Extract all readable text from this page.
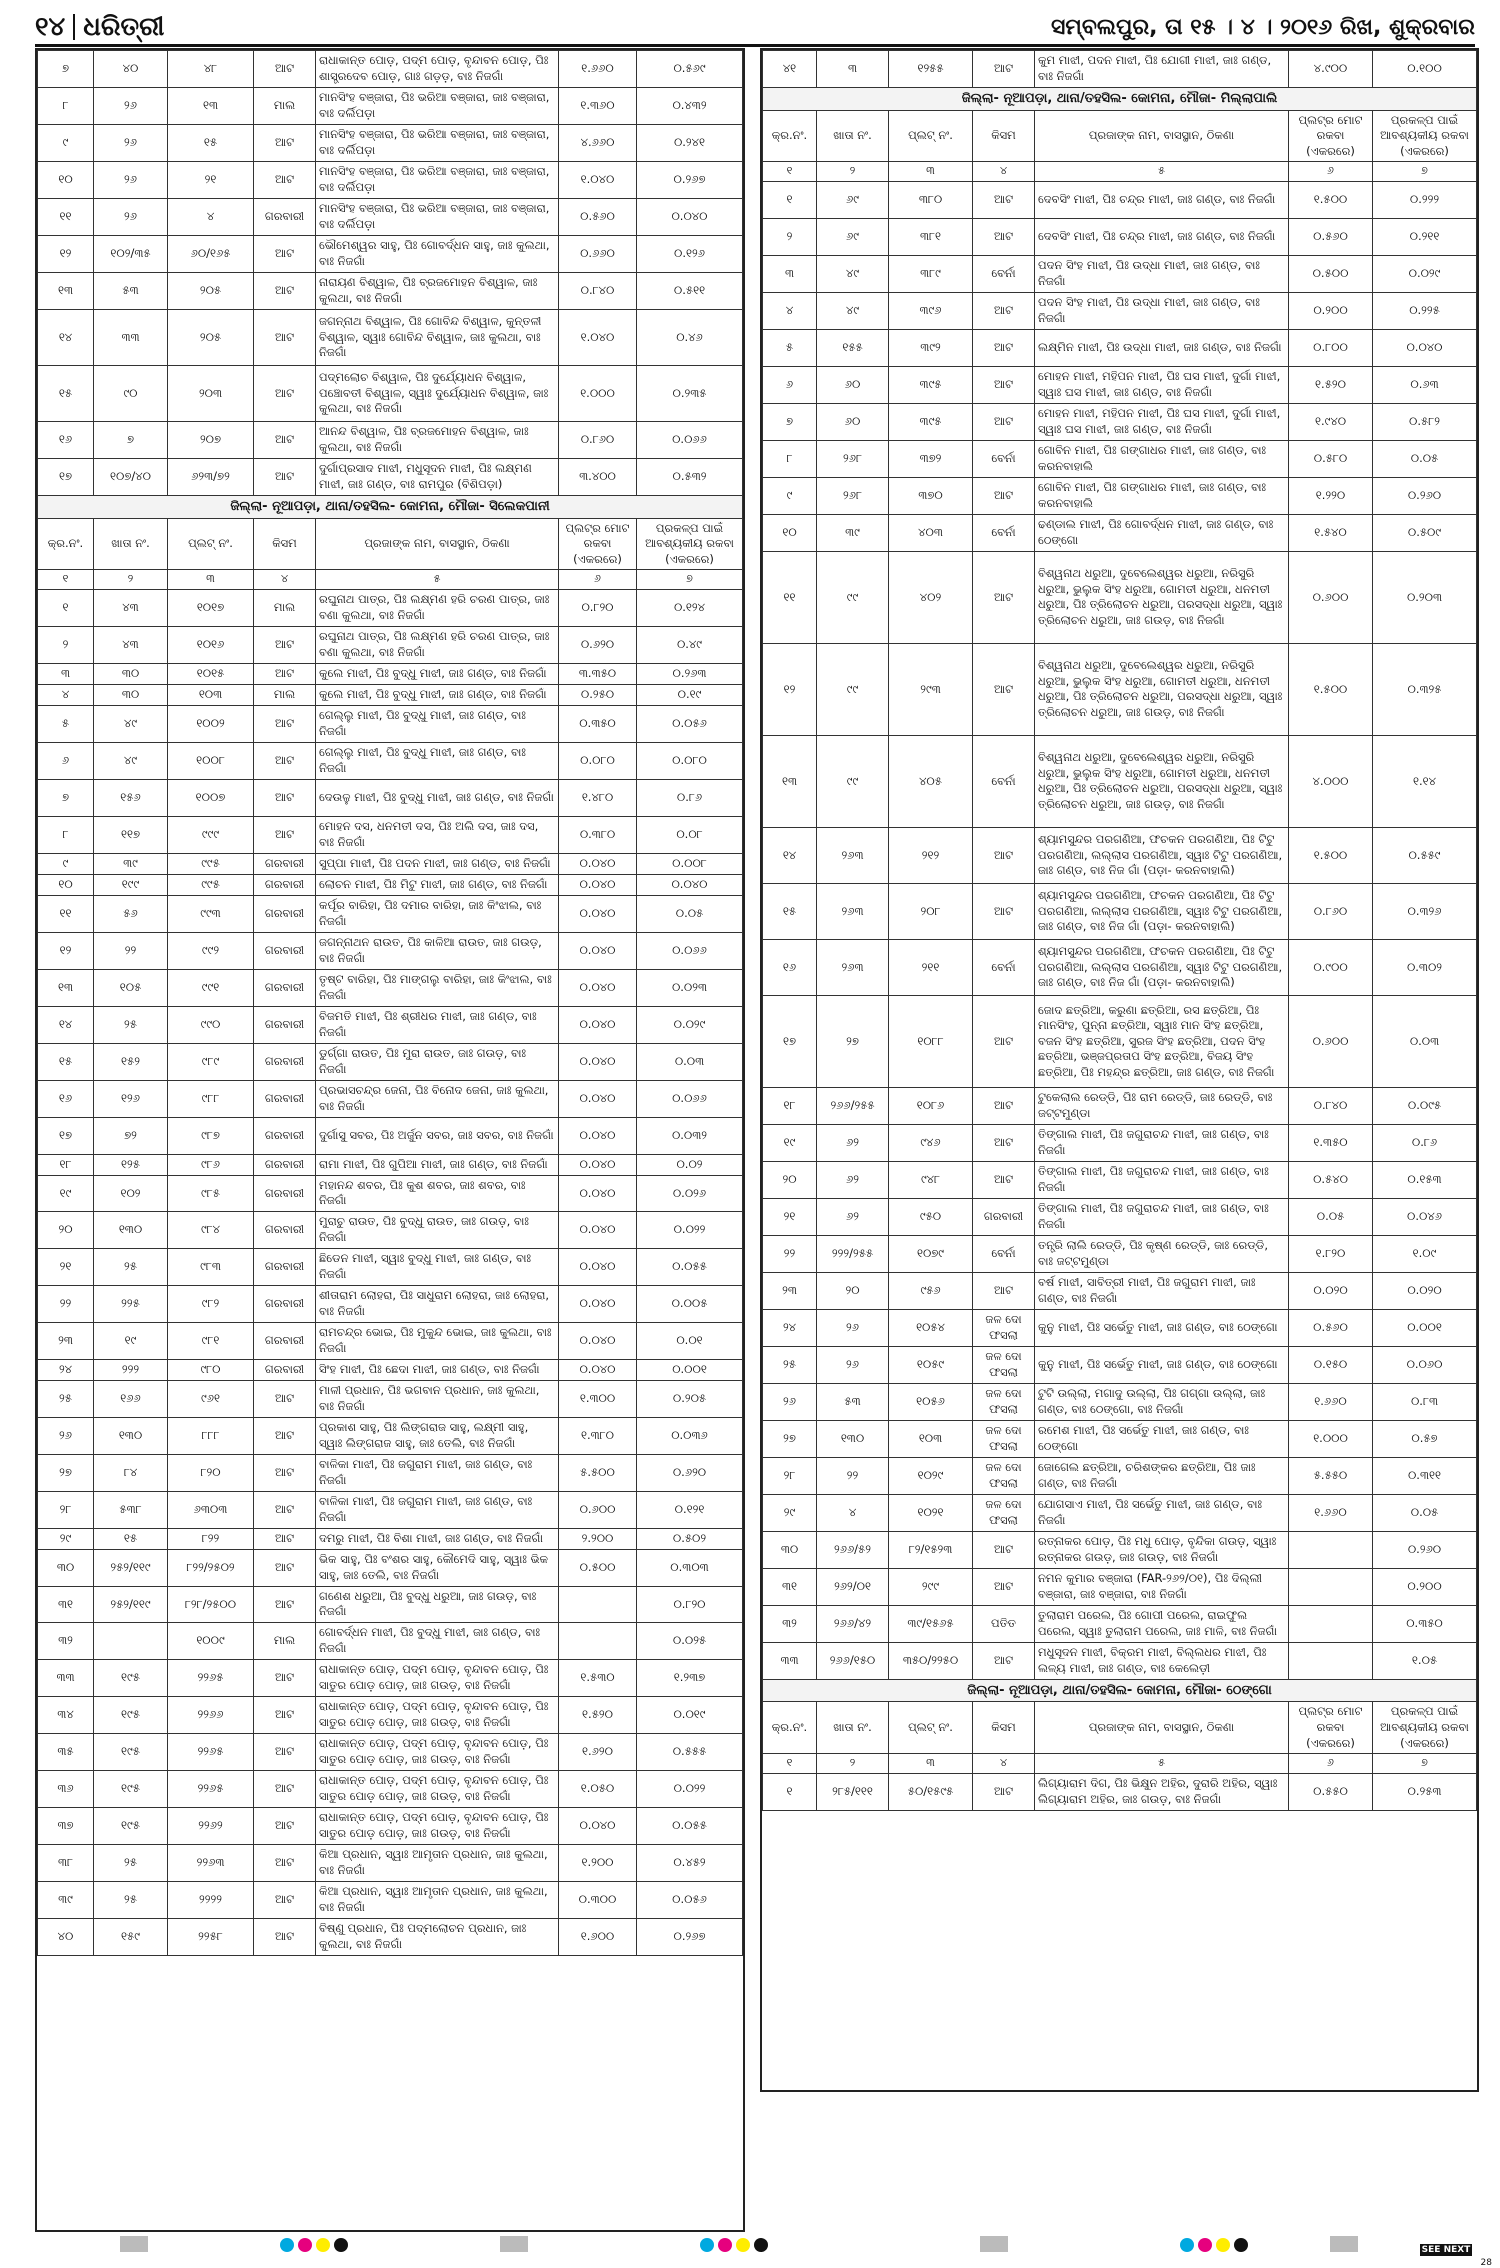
୧୪ ଧରିତ୍ରୀ	ସମ୍ବଲପୁର, ତା ୧୫ । ୪ । ୨୦୧୬ ରିଖ, ଶୁକ୍ରବାର
୭	୪୦	୪୮	ଆଟ	ରାଧାକାନ୍ତ ପୋଡ଼, ପଦ୍ମ ପୋଡ଼, ବୃନ୍ଦାବନ ପୋଡ଼, ପିଃ ଶାସ୍ତ୍ରଦେବ ପୋଡ଼, ଗାଃ ଗଡ଼ଡ଼, ବାଃ ନିଜଗାଁ	୧.୬୬୦	୦.୫୬୯
୮	୨୬	୧୩	ମାଲ	ମାନସିଂହ ବଞ୍ଜାରା, ପିଃ ଭରିଆ ବଞ୍ଜାରା, ଜାଃ ବଞ୍ଜାରା, ବାଃ ଦର୍ଲିପଡ଼ା	୧.୩୬୦	୦.୪୩୨
୯	୨୬	୧୫	ଆଟ	ମାନସିଂହ ବଞ୍ଜାରା, ପିଃ ଭରିଆ ବଞ୍ଜାରା, ଜାଃ ବଞ୍ଜାରା, ବାଃ ଦର୍ଲିପଡ଼ା	୪.୬୬୦	୦.୨୪୧
୧୦	୨୬	୨୧	ଆଟ	ମାନସିଂହ ବଞ୍ଜାରା, ପିଃ ଭରିଆ ବଞ୍ଜାରା, ଜାଃ ବଞ୍ଜାରା, ବାଃ ଦର୍ଲିପଡ଼ା	୧.୦୪୦	୦.୨୬୭
୧୧	୨୬	୪	ଗରବାରୀ	ମାନସିଂହ ବଞ୍ଜାରା, ପିଃ ଭରିଆ ବଞ୍ଜାରା, ଜାଃ ବଞ୍ଜାରା, ବାଃ ଦର୍ଲିପଡ଼ା	୦.୫୬୦	୦.୦୪୦
୧୨	୧୦୨/୩୫	୬୦/୧୬୫	ଆଟ	ଭୌମେଶ୍ୱର ସାହୁ, ପିଃ ଗୋବର୍ଦ୍ଧନ ସାହୁ, ଜାଃ କୁଲଥା, ବାଃ ନିଜଗାଁ	୦.୬୬୦	୦.୧୨୬
୧୩	୫୩	୨୦୫	ଆଟ	ନାରାୟଣ ବିଶ୍ୱାଳ, ପିଃ ବ୍ରଜମୋହନ ବିଶ୍ୱାଳ, ଜାଃ କୁଲଥା, ବାଃ ନିଜଗାଁ	୦.୮୪୦	୦.୫୧୧
୧୪	୩୩	୨୦୫	ଆଟ	ଜଗନ୍ନାଥ ବିଶ୍ୱାଳ, ପିଃ ଗୋବିନ୍ଦ ବିଶ୍ୱାଳ, କୁନ୍ତଳୀ ବିଶ୍ୱାଳ, ସ୍ୱାଃ ଗୋବିନ୍ଦ ବିଶ୍ୱାଳ, ଜାଃ କୁଲଥା, ବାଃ ନିଜଗାଁ	୧.୦୪୦	୦.୪୬
୧୫	୯୦	୨୦୩	ଆଟ	ପଦ୍ମଲୋଚ ବିଶ୍ୱାଳ, ପିଃ ଦୁର୍ଯ୍ୟୋଧନ ବିଶ୍ୱାଳ, ପଞ୍ଚୋବତୀ ବିଶ୍ୱାଳ, ସ୍ୱାଃ ଦୁର୍ଯ୍ୟୋଧନ ବିଶ୍ୱାଳ, ଜାଃ କୁଲଥା, ବାଃ ନିଜଗାଁ	୧.୦୦୦	୦.୨୩୫
୧୬	୭	୨୦୭	ଆଟ	ଆନନ୍ଦ ବିଶ୍ୱାଳ, ପିଃ ବ୍ରଜମୋହନ ବିଶ୍ୱାଳ, ଜାଃ କୁଲଥା, ବାଃ ନିଜଗାଁ	୦.୮୬୦	୦.୦୬୬
୧୭	୧୦୭/୪୦	୬୨୩/୭୨	ଆଟ	ଦୁର୍ଗାପ୍ରସାଦ ମାଝୀ, ମଧୁସୂଦନ ମାଝୀ, ପିଃ ଲକ୍ଷ୍ମଣ ମାଝୀ, ଜାଃ ଗଣ୍ଡ, ବାଃ ରାମପୁର (ବିଶିପଡ଼ା)	୩.୪୦୦	୦.୫୩୨
ଜିଲ୍ଲା- ନୂଆପଡ଼ା, ଥାନା/ତହସିଲ- କୋମନା, ମୌଜା- ସିଲେକପାନୀ						
କ୍ର.ନଂ.	ଖାତା ନଂ.	ପ୍ଲଟ୍ ନଂ.	କିସମ	ପ୍ରଜାଙ୍କ ନାମ, ବାସସ୍ଥାନ, ଠିକଣା	ପ୍ଲଟ୍‌ର ମୋଟ ରକବା (ଏକରରେ)	ପ୍ରକଳ୍ପ ପାଇଁ ଆବଶ୍ୟକୀୟ ରକବା (ଏକରରେ)
୧	୨	୩	୪	୫	୬	୭
୧	୪୩	୧୦୧୭	ମାଲ	ରଘୁନାଥ ପାତ୍ର, ପିଃ ଲକ୍ଷ୍ମଣ ହରି ଚରଣ ପାତ୍ର, ଜାଃ ବଣା କୁଲଥା, ବାଃ ନିଜଗାଁ	୦.୮୨୦	୦.୧୨୪
୨	୪୩	୧୦୧୬	ଆଟ	ରଘୁନାଥ ପାତ୍ର, ପିଃ ଲକ୍ଷ୍ମଣ ହରି ଚରଣ ପାତ୍ର, ଜାଃ ବଣା କୁଲଥା, ବାଃ ନିଜଗାଁ	୦.୬୨୦	୦.୪୯
୩	୩୦	୧୦୧୫	ଆଟ	କୁଲେ ମାଝୀ, ପିଃ ବୁଦ୍ଧୁ ମାଝୀ, ଜାଃ ଗଣ୍ଡ, ବାଃ ନିଜଗାଁ	୩.୩୫୦	୦.୨୬୩
୪	୩୦	୧୦୩	ମାଲ	କୁଲେ ମାଝୀ, ପିଃ ବୁଦ୍ଧୁ ମାଝୀ, ଜାଃ ଗଣ୍ଡ, ବାଃ ନିଜଗାଁ	୦.୨୫୦	୦.୧୯
୫	୪୯	୧୦୦୨	ଆଟ	ଗେଲ୍ଲୁ ମାଝୀ, ପିଃ ବୁଦ୍ଧୁ ମାଝୀ, ଜାଃ ଗଣ୍ଡ, ବାଃ ନିଜଗାଁ	୦.୩୫୦	୦.୦୫୬
୬	୪୯	୧୦୦୮	ଆଟ	ଗେଲ୍ଲୁ ମାଝୀ, ପିଃ ବୁଦ୍ଧୁ ମାଝୀ, ଜାଃ ଗଣ୍ଡ, ବାଃ ନିଜଗାଁ	୦.୦୮୦	୦.୦୮୦
୭	୧୫୬	୧୦୦୭	ଆଟ	ଦେଉଳୁ ମାଝୀ, ପିଃ ବୁଦ୍ଧୁ ମାଝୀ, ଜାଃ ଗଣ୍ଡ, ବାଃ ନିଜଗାଁ	୧.୪୮୦	୦.୮୬
୮	୧୧୭	୯୯୯	ଆଟ	ମୋହନ ଦସ, ଧନମତୀ ଦସ, ପିଃ ଅଲି ଦସ, ଜାଃ ଦସ, ବାଃ ନିଜଗାଁ	୦.୩୮୦	୦.୦୮
୯	୩୯	୯୯୫	ଗରବାରୀ	ସୁପ୍ପା ମାଝୀ, ପିଃ ପଦନ ମାଝୀ, ଜାଃ ଗଣ୍ଡ, ବାଃ ନିଜଗାଁ	୦.୦୪୦	୦.୦୦୮
୧୦	୧୯୯	୯୯୫	ଗରବାରୀ	ଲୋଚନ ମାଝୀ, ପିଃ ମିଟୁ ମାଝୀ, ଜାଃ ଗଣ୍ଡ, ବାଃ ନିଜଗାଁ	୦.୦୪୦	୦.୦୪୦
୧୧	୫୬	୯୯୩	ଗରବାରୀ	କର୍ପୂର ବାରିହା, ପିଃ ଦମାର ବାରିହା, ଜାଃ କିଂଝାଲ, ବାଃ ନିଜଗାଁ	୦.୦୪୦	୦.୦୫
୧୨	୨୨	୯୯୨	ଗରବାରୀ	ଜଗନ୍ନାଥନ ରାଉତ, ପିଃ କାଳିଆ ରାଉତ, ଜାଃ ଗଉଡ଼, ବାଃ ନିଜଗାଁ	୦.୦୪୦	୦.୦୬୬
୧୩	୧୦୫	୯୯୧	ଗରବାରୀ	ତୃଷ୍ଟ ବାରିହା, ପିଃ ମାଙ୍ଗଲୁ ବାରିହା, ଜାଃ କିଂଝାଲ, ବାଃ ନିଜଗାଁ	୦.୦୪୦	୦.୦୨୩
୧୪	୨୫	୯୯୦	ଗରବାରୀ	ବିଜମତି ମାଝୀ, ପିଃ ଶ୍ରୀଧର ମାଝୀ, ଜାଃ ଗଣ୍ଡ, ବାଃ ନିଜଗାଁ	୦.୦୪୦	୦.୦୨୯
୧୫	୧୫୨	୯୮୯	ଗରବାରୀ	ଡୁର୍ଗ୍ଗା ରାଉତ, ପିଃ ମୁରା ରାଉତ, ଜାଃ ଗଉଡ଼, ବାଃ ନିଜଗାଁ	୦.୦୪୦	୦.୦୩
୧୬	୧୨୬	୯୮୮	ଗରବାରୀ	ପ୍ରଭାସଚନ୍ଦ୍ର ଜେନା, ପିଃ ବିନୋଦ ଜେନା, ଜାଃ କୁଲଥା, ବାଃ ନିଜଗାଁ	୦.୦୪୦	୦.୦୬୬
୧୭	୭୨	୯୮୭	ଗରବାରୀ	ଦୁର୍ଗାସୁ ସବର, ପିଃ ଅର୍ଜୁନ ସବର, ଜାଃ ସବର, ବାଃ ନିଜଗାଁ	୦.୦୪୦	୦.୦୩୨
୧୮	୧୨୫	୯୮୬	ଗରବାରୀ	ରାମା ମାଝୀ, ପିଃ ଗୁପିଆ ମାଝୀ, ଜାଃ ଗଣ୍ଡ, ବାଃ ନିଜଗାଁ	୦.୦୪୦	୦.୦୨
୧୯	୧୦୨	୯୮୫	ଗରବାରୀ	ମହାନନ୍ଦ ଶବର, ପିଃ କୁଶ ଶବର, ଜାଃ ଶବର, ବାଃ ନିଜଗାଁ	୦.୦୪୦	୦.୦୨୬
୨୦	୧୩୦	୯୮୪	ଗରବାରୀ	ମୁରାଚୁ ରାଉତ, ପିଃ ବୁଦ୍ଧୁ ରାଉତ, ଜାଃ ଗଉଡ଼, ବାଃ ନିଜଗାଁ	୦.୦୪୦	୦.୦୨୨
୨୧	୨୫	୯୮୩	ଗରବାରୀ	ଛିଡେନ ମାଝୀ, ସ୍ୱାଃ ବୁଦ୍ଧୁ ମାଝୀ, ଜାଃ ଗଣ୍ଡ, ବାଃ ନିଜଗାଁ	୦.୦୪୦	୦.୦୫୫
୨୨	୨୨୫	୯୮୨	ଗରବାରୀ	ଶୀତାରାମ ଲୋହରା, ପିଃ ସାଧୁରାମ ଲୋହରା, ଜାଃ ଲୋହରା, ବାଃ ନିଜଗାଁ	୦.୦୪୦	୦.୦୦୫
୨୩	୧୯	୯୮୧	ଗରବାରୀ	ରାମଚନ୍ଦ୍ର ଭୋଇ, ପିଃ ମୁକୁନ୍ଦ ଭୋଇ, ଜାଃ କୁଲଥା, ବାଃ ନିଜଗାଁ	୦.୦୪୦	୦.୦୧
୨୪	୨୨୨	୯୮୦	ଗରବାରୀ	ସିଂହ ମାଝୀ, ପିଃ ଛେଦା ମାଝୀ, ଜାଃ ଗଣ୍ଡ, ବାଃ ନିଜଗାଁ	୦.୦୪୦	୦.୦୦୧
୨୫	୧୬୬	୯୬୧	ଆଟ	ମାଳୀ ପ୍ରଧାନ, ପିଃ ଭଗବାନ ପ୍ରଧାନ, ଜାଃ କୁଲଥା, ବାଃ ନିଜଗାଁ	୧.୩୦୦	୦.୨୦୫
୨୬	୧୩୦	୮୮୮	ଆଟ	ପ୍ରକାଶ ସାହୁ, ପିଃ ଲିଙ୍ଗରାଜ ସାହୁ, ଲକ୍ଷ୍ମୀ ସାହୁ, ସ୍ୱାଃ ଲିଙ୍ଗରାଜ ସାହୁ, ଜାଃ ତେଲି, ବାଃ ନିଜଗାଁ	୧.୩୮୦	୦.୦୩୬
୨୭	୮୪	୮୨୦	ଆଟ	ବାଳିକା ମାଝୀ, ପିଃ ଜଗୁରାମ ମାଝୀ, ଜାଃ ଗଣ୍ଡ, ବାଃ ନିଜଗାଁ	୫.୫୦୦	୦.୬୨୦
୨୮	୫୩୮	୬୩୦୩	ଆଟ	ବାଳିକା ମାଝୀ, ପିଃ ଜଗୁରାମ ମାଝୀ, ଜାଃ ଗଣ୍ଡ, ବାଃ ନିଜଗାଁ	୦.୬୦୦	୦.୧୨୧
୨୯	୧୫	୮୨୨	ଆଟ	ଦମରୁ ମାଝୀ, ପିଃ ବିଶା ମାଝୀ, ଜାଃ ଗଣ୍ଡ, ବାଃ ନିଜଗାଁ	୨.୨୦୦	୦.୫୦୨
୩୦	୨୫୨/୧୧୯	୮୨୨/୨୫୦୨	ଆଟ	ଭିକ ସାହୁ, ପିଃ ବଂଶର ସାହୁ, କୌମେଦି ସାହୁ, ସ୍ୱାଃ ଭିକ ସାହୁ, ଜାଃ ତେଲି, ବାଃ ନିଜଗାଁ	୦.୫୦୦	୦.୩୦୩
୩୧	୨୫୨/୧୧୯	୮୨୮/୨୫୦୦	ଆଟ	ଗଣେଶ ଧରୁଆ, ପିଃ ବୁଦ୍ଧୁ ଧରୁଆ, ଜାଃ ଗଉଡ଼, ବାଃ ନିଜଗାଁ		୦.୮୨୦
୩୨		୧୦୦୯	ମାଲ	ଗୋବର୍ଦ୍ଧନ ମାଝୀ, ପିଃ ବୁଦ୍ଧୁ ମାଝୀ, ଜାଃ ଗଣ୍ଡ, ବାଃ ନିଜଗାଁ		୦.୦୨୫
୩୩	୧୯୫	୨୨୬୫	ଆଟ	ରାଧାକାନ୍ତ ପୋଡ଼, ପଦ୍ମ ପୋଡ଼, ବୃନ୍ଦାବନ ପୋଡ଼, ପିଃ ସାତୁର ପୋଡ଼ ପୋଡ଼, ଜାଃ ଗଉଡ଼, ବାଃ ନିଜଗାଁ	୧.୫୩୦	୧.୨୩୭
୩୪	୧୯୫	୨୨୬୬	ଆଟ	ରାଧାକାନ୍ତ ପୋଡ଼, ପଦ୍ମ ପୋଡ଼, ବୃନ୍ଦାବନ ପୋଡ଼, ପିଃ ସାତୁର ପୋଡ଼ ପୋଡ଼, ଜାଃ ଗଉଡ଼, ବାଃ ନିଜଗାଁ	୧.୫୨୦	୦.୦୧୯
୩୫	୧୯୫	୨୨୬୫	ଆଟ	ରାଧାକାନ୍ତ ପୋଡ଼, ପଦ୍ମ ପୋଡ଼, ବୃନ୍ଦାବନ ପୋଡ଼, ପିଃ ସାତୁର ପୋଡ଼ ପୋଡ଼, ଜାଃ ଗଉଡ଼, ବାଃ ନିଜଗାଁ	୧.୬୨୦	୦.୫୫୫
୩୬	୧୯୫	୨୨୬୫	ଆଟ	ରାଧାକାନ୍ତ ପୋଡ଼, ପଦ୍ମ ପୋଡ଼, ବୃନ୍ଦାବନ ପୋଡ଼, ପିଃ ସାତୁର ପୋଡ଼ ପୋଡ଼, ଜାଃ ଗଉଡ଼, ବାଃ ନିଜଗାଁ	୧.୦୫୦	୦.୦୨୨
୩୭	୧୯୫	୨୨୬୨	ଆଟ	ରାଧାକାନ୍ତ ପୋଡ଼, ପଦ୍ମ ପୋଡ଼, ବୃନ୍ଦାବନ ପୋଡ଼, ପିଃ ସାତୁର ପୋଡ଼ ପୋଡ଼, ଜାଃ ଗଉଡ଼, ବାଃ ନିଜଗାଁ	୦.୦୪୦	୦.୦୫୫
୩୮	୨୫	୨୨୬୩	ଆଟ	କିଆ ପ୍ରଧାନ, ସ୍ୱାଃ ଆମୃତାନ ପ୍ରଧାନ, ଜାଃ କୁଲଥା, ବାଃ ନିଜଗାଁ	୧.୨୦୦	୦.୪୫୨
୩୯	୨୫	୨୨୨୨	ଆଟ	କିଆ ପ୍ରଧାନ, ସ୍ୱାଃ ଆମୃତାନ ପ୍ରଧାନ, ଜାଃ କୁଲଥା, ବାଃ ନିଜଗାଁ	୦.୩୦୦	୦.୦୫୬
୪୦	୧୫୯	୨୨୫୮	ଆଟ	ବିଷ୍ଣୁ ପ୍ରଧାନ, ପିଃ ପଦ୍ମଲୋଚନ ପ୍ରଧାନ, ଜାଃ କୁଲଥା, ବାଃ ନିଜଗାଁ	୧.୬୦୦	୦.୨୬୭
୪୧	୩	୧୨୫୫	ଆଟ	କୁମ ମାଝୀ, ପଦନ ମାଝୀ, ପିଃ ଯୋଗୀ ମାଝୀ, ଜାଃ ଗଣ୍ଡ, ବାଃ ନିଜଗାଁ	୪.୯୦୦	୦.୧୦୦
ଜିଲ୍ଲା- ନୂଆପଡ଼ା, ଥାନା/ତହସିଲ- କୋମନା, ମୌଜା- ମିଲ୍ଲାପାଲି						
କ୍ର.ନଂ.	ଖାତା ନଂ.	ପ୍ଲଟ୍ ନଂ.	କିସମ	ପ୍ରଜାଙ୍କ ନାମ, ବାସସ୍ଥାନ, ଠିକଣା	ପ୍ଲଟ୍‌ର ମୋଟ ରକବା (ଏକରରେ)	ପ୍ରକଳ୍ପ ପାଇଁ ଆବଶ୍ୟକୀୟ ରକବା (ଏକରରେ)
୧	୨	୩	୪	୫	୬	୭
୧	୬୯	୩୮୦	ଆଟ	ଦେବସିଂ ମାଝୀ, ପିଃ ଚନ୍ଦ୍ର ମାଝୀ, ଜାଃ ଗଣ୍ଡ, ବାଃ ନିଜଗାଁ	୧.୫୦୦	୦.୨୨୨
୨	୬୯	୩୮୧	ଆଟ	ଦେବସିଂ ମାଝୀ, ପିଃ ଚନ୍ଦ୍ର ମାଝୀ, ଜାଃ ଗଣ୍ଡ, ବାଃ ନିଜଗାଁ	୦.୫୬୦	୦.୨୧୧
୩	୪୯	୩୮୯	ବେର୍ନା	ପଦନ ସିଂହ ମାଝୀ, ପିଃ ଉଦ୍ଧା ମାଝୀ, ଜାଃ ଗଣ୍ଡ, ବାଃ ନିଜଗାଁ	୦.୫୦୦	୦.୦୨୯
୪	୪୯	୩୯୬	ଆଟ	ପଦନ ସିଂହ ମାଝୀ, ପିଃ ଉଦ୍ଧା ମାଝୀ, ଜାଃ ଗଣ୍ଡ, ବାଃ ନିଜଗାଁ	୦.୨୦୦	୦.୨୨୫
୫	୧୫୫	୩୯୨	ଆଟ	ଲକ୍ଷ୍ମିନ ମାଝୀ, ପିଃ ଉଦ୍ଧା ମାଝୀ, ଜାଃ ଗଣ୍ଡ, ବାଃ ନିଜଗାଁ	୦.୮୦୦	୦.୦୪୦
୬	୬୦	୩୯୫	ଆଟ	ମୋହନ ମାଝୀ, ମହିପନ ମାଝୀ, ପିଃ ଘସ ମାଝୀ, ଦୁର୍ଗା ମାଝୀ, ସ୍ୱାଃ ଘସ ମାଝୀ, ଜାଃ ଗଣ୍ଡ, ବାଃ ନିଜଗାଁ	୧.୫୨୦	୦.୬୩
୭	୬୦	୩୯୫	ଆଟ	ମୋହନ ମାଝୀ, ମହିପନ ମାଝୀ, ପିଃ ଘସ ମାଝୀ, ଦୁର୍ଗା ମାଝୀ, ସ୍ୱାଃ ଘସ ମାଝୀ, ଜାଃ ଗଣ୍ଡ, ବାଃ ନିଜଗାଁ	୧.୯୪୦	୦.୫୮୨
୮	୨୬୮	୩୭୨	ବେର୍ନା	ଗୋବିନ ମାଝୀ, ପିଃ ଗଙ୍ଗାଧର ମାଝୀ, ଜାଃ ଗଣ୍ଡ, ବାଃ କରନବାହାଲି	୦.୫୮୦	୦.୦୫
୯	୨୬୮	୩୭୦	ଆଟ	ଗୋବିନ ମାଝୀ, ପିଃ ଗଙ୍ଗାଧର ମାଝୀ, ଜାଃ ଗଣ୍ଡ, ବାଃ କରନବାହାଲି	୧.୨୨୦	୦.୨୬୦
୧୦	୩୯	୪୦୩	ବେର୍ନା	ଢଣ୍ଡାଲ ମାଝୀ, ପିଃ ଗୋବର୍ଦ୍ଧନ ମାଝୀ, ଜାଃ ଗଣ୍ଡ, ବାଃ ଠେଙ୍ଗୋ	୧.୫୪୦	୦.୫୦୯
୧୧	୯୯	୪୦୨	ଆଟ	ବିଶ୍ୱନାଥ ଧରୁଆ, ଦୁବେଲେଶ୍ୱର ଧରୁଆ, ନରିସୁରି ଧରୁଆ, ଭୁଲୁକ ସିଂହ ଧରୁଆ, ଗୋମତୀ ଧରୁଆ, ଧନମତୀ ଧରୁଆ, ପିଃ ତ୍ରିଲୋଚନ ଧରୁଆ, ପରସଦ୍ଧା ଧରୁଆ, ସ୍ୱାଃ ତ୍ରିଲୋଚନ ଧରୁଆ, ଜାଃ ଗଉଡ଼, ବାଃ ନିଜଗାଁ	୦.୬୦୦	୦.୨୦୩
୧୨	୯୯	୨୯୩	ଆଟ	ବିଶ୍ୱନାଥ ଧରୁଆ, ଦୁବେଲେଶ୍ୱର ଧରୁଆ, ନରିସୁରି ଧରୁଆ, ଭୁଲୁକ ସିଂହ ଧରୁଆ, ଗୋମତୀ ଧରୁଆ, ଧନମତୀ ଧରୁଆ, ପିଃ ତ୍ରିଲୋଚନ ଧରୁଆ, ପରସଦ୍ଧା ଧରୁଆ, ସ୍ୱାଃ ତ୍ରିଲୋଚନ ଧରୁଆ, ଜାଃ ଗଉଡ଼, ବାଃ ନିଜଗାଁ	୧.୫୦୦	୦.୩୨୫
୧୩	୯୯	୪୦୫	ବେର୍ନା	ବିଶ୍ୱନାଥ ଧରୁଆ, ଦୁବେଲେଶ୍ୱର ଧରୁଆ, ନରିସୁରି ଧରୁଆ, ଭୁଲୁକ ସିଂହ ଧରୁଆ, ଗୋମତୀ ଧରୁଆ, ଧନମତୀ ଧରୁଆ, ପିଃ ତ୍ରିଲୋଚନ ଧରୁଆ, ପରସଦ୍ଧା ଧରୁଆ, ସ୍ୱାଃ ତ୍ରିଲୋଚନ ଧରୁଆ, ଜାଃ ଗଉଡ଼, ବାଃ ନିଜଗାଁ	୪.୦୦୦	୧.୧୪
୧୪	୨୬୩	୨୧୨	ଆଟ	ଶ୍ୟାମସୁନ୍ଦର ପରଗଣିଆ, ଫଚକନ ପରଗଣିଆ, ପିଃ ଟିଟୁ ପରଗଣିଆ, ଲଲ୍ଲାସ ପରଗଣିଆ, ସ୍ୱାଃ ଟିଟୁ ପରଗଣିଆ, ଜାଃ ଗଣ୍ଡ, ବାଃ ନିଜ ଗାଁ (ପଡ଼ା- କରନବାହାଲି)	୧.୫୦୦	୦.୫୫୯
୧୫	୨୬୩	୨୦୮	ଆଟ	ଶ୍ୟାମସୁନ୍ଦର ପରଗଣିଆ, ଫଚକନ ପରଗଣିଆ, ପିଃ ଟିଟୁ ପରଗଣିଆ, ଲଲ୍ଲାସ ପରଗଣିଆ, ସ୍ୱାଃ ଟିଟୁ ପରଗଣିଆ, ଜାଃ ଗଣ୍ଡ, ବାଃ ନିଜ ଗାଁ (ପଡ଼ା- କରନବାହାଲି)	୦.୮୬୦	୦.୩୨୬
୧୬	୨୬୩	୨୧୧	ବେର୍ନା	ଶ୍ୟାମସୁନ୍ଦର ପରଗଣିଆ, ଫଚକନ ପରଗଣିଆ, ପିଃ ଟିଟୁ ପରଗଣିଆ, ଲଲ୍ଲାସ ପରଗଣିଆ, ସ୍ୱାଃ ଟିଟୁ ପରଗଣିଆ, ଜାଃ ଗଣ୍ଡ, ବାଃ ନିଜ ଗାଁ (ପଡ଼ା- କରନବାହାଲି)	୦.୯୦୦	୦.୩୦୨
୧୭	୨୭	୧୦୮୮	ଆଟ	ଜୋଦ ଛତ୍ରିଆ, କରୁଣା ଛତ୍ରିଆ, ରସ ଛତ୍ରିଆ, ପିଃ ମାନସିଂହ, ପୁନ୍ନା ଛତ୍ରିଆ, ସ୍ୱାଃ ମାନ ସିଂହ ଛତ୍ରିଆ, ବଜନ ସିଂହ ଛତ୍ରିଆ, ସୁରଜ ସିଂହ ଛତ୍ରିଆ, ପଦନ ସିଂହ ଛତ୍ରିଆ, ଭଞ୍ଜପ୍ରତାପ ସିଂହ ଛତ୍ରିଆ, ବିଜୟ ସିଂହ ଛତ୍ରିଆ, ପିଃ ମହନ୍ଦ୍ର ଛତ୍ରିଆ, ଜାଃ ଗଣ୍ଡ, ବାଃ ନିଜଗାଁ	୦.୬୦୦	୦.୦୩
୧୮	୨୬୬/୨୫୫	୧୦୮୬	ଆଟ	ଟୁକେଲାଲ ରେଡ୍ଡି, ପିଃ ରାମ ରେଡ୍ଡି, ଜାଃ ରେଡ୍ଡି, ବାଃ ଜଟ୍ଟମୁଣ୍ଡା	୦.୮୪୦	୦.୦୯୫
୧୯	୬୨	୯୪୬	ଆଟ	ତିଙ୍ଗାଲ ମାଝୀ, ପିଃ ଜଗୁରାଚନ୍ଦ ମାଝୀ, ଜାଃ ଗଣ୍ଡ, ବାଃ ନିଜଗାଁ	୧.୩୫୦	୦.୮୬
୨୦	୬୨	୯୪୮	ଆଟ	ତିଙ୍ଗାଲ ମାଝୀ, ପିଃ ଜଗୁରାଚନ୍ଦ ମାଝୀ, ଜାଃ ଗଣ୍ଡ, ବାଃ ନିଜଗାଁ	୦.୫୪୦	୦.୧୫୩
୨୧	୬୨	୯୫୦	ଗରବାରୀ	ତିଙ୍ଗାଲ ମାଝୀ, ପିଃ ଜଗୁରାଚନ୍ଦ ମାଝୀ, ଜାଃ ଗଣ୍ଡ, ବାଃ ନିଜଗାଁ	୦.୦୫	୦.୦୪୬
୨୨	୨୨୨/୨୫୫	୧୦୭୯	ବେର୍ନା	ତନ୍ତ୍ରି ଲାଲି ରେଡ୍ଡି, ପିଃ କୃଷ୍ଣ ରେଡ୍ଡି, ଜାଃ ରେଡ୍ଡି, ବାଃ ଜଟ୍ଟମୁଣ୍ଡା	୧.୮୨୦	୧.୦୯
୨୩	୨୦	୯୫୬	ଆଟ	ବର୍ଷ ମାଝୀ, ସାବିତ୍ରୀ ମାଝୀ, ପିଃ ଜଗୁରାମ ମାଝୀ, ଜାଃ ଗଣ୍ଡ, ବାଃ ନିଜଗାଁ	୦.୦୨୦	୦.୦୨୦
୨୪	୨୬	୧୦୫୪	ଜଳ ଦୋ ଫସଲା	କୁନୁ ମାଝୀ, ପିଃ ସର୍ଭେତୁ ମାଝୀ, ଜାଃ ଗଣ୍ଡ, ବାଃ ଠେଙ୍ଗୋ	୦.୫୬୦	୦.୦୦୧
୨୫	୨୬	୧୦୫୯	ଜଳ ଦୋ ଫସଲା	କୁନୁ ମାଝୀ, ପିଃ ସର୍ଭେତୁ ମାଝୀ, ଜାଃ ଗଣ୍ଡ, ବାଃ ଠେଙ୍ଗୋ	୦.୧୫୦	୦.୦୬୦
୨୬	୫୩	୧୦୫୬	ଜଳ ଦୋ ଫସଲା	ଟୁଟି ଉଲ୍ଲା, ମଗାଦୁ ଉଲ୍ଲା, ପିଃ ଗଗ୍ଗା ଉଲ୍ଲା, ଜାଃ ଗଣ୍ଡ, ବାଃ ଠେଙ୍ଗୋ, ବାଃ ନିଜଗାଁ	୧.୬୬୦	୦.୮୩
୨୭	୧୩୦	୧୦୩	ଜଳ ଦୋ ଫସଲା	ରମେଶ ମାଝୀ, ପିଃ ସର୍ଭେତୁ ମାଝୀ, ଜାଃ ଗଣ୍ଡ, ବାଃ ଠେଙ୍ଗୋ	୧.୦୦୦	୦.୫୭
୨୮	୨୨	୧୦୨୯	ଜଳ ଦୋ ଫସଲା	ଜୋଗେଲ ଛତ୍ରିଆ, ଚରିଶଙ୍କର ଛତ୍ରିଆ, ପିଃ ଜାଃ ଗଣ୍ଡ, ବାଃ ନିଜଗାଁ	୫.୫୫୦	୦.୩୧୧
୨୯	୪	୧୦୨୧	ଜଳ ଦୋ ଫସଲା	ଯୋଗସାଏ ମାଝୀ, ପିଃ ସର୍ଭେତୁ ମାଝୀ, ଜାଃ ଗଣ୍ଡ, ବାଃ ନିଜଗାଁ	୧.୬୬୦	୦.୦୫
୩୦	୨୬୬/୫୨	୮୨/୧୫୨୩	ଆଟ	ରତ୍ନାକର ପୋଡ଼, ପିଃ ମଧୁ ପୋଡ଼, ବୃନ୍ଦିକା ଗଉଡ଼, ସ୍ୱାଃ ରତ୍ନାକର ଗଉଡ଼, ଜାଃ ଗଉଡ଼, ବାଃ ନିଜଗାଁ		୦.୨୬୦
୩୧	୨୬୨/୦୧	୨୯୯	ଆଟ	ନମନ କୁମାର ବଞ୍ଜାରା (FAR-୨୬୨/୦୧), ପିଃ ଦିଲ୍ଲୀ ବଞ୍ଜାରା, ଜାଃ ବଞ୍ଜାରା, ବାଃ ନିଜଗାଁ		୦.୨୦୦
୩୨	୨୬୬/୪୨	୩୯/୧୫୬୫	ପତିତ	ତୁଲାରାମ ପରେଲ, ପିଃ ଗୋପୀ ପରେଲ, ରାଇଫୁଲ ପରେଲ, ସ୍ୱାଃ ତୁଲାରାମ ପରେଲ, ଜାଃ ମାଳି, ବାଃ ନିଜଗାଁ		୦.୩୫୦
୩୩	୨୬୬/୧୫୦	୩୫୦/୨୨୫୦	ଆଟ	ମଧୁସୂଦନ ମାଝୀ, ବିକ୍ରମ ମାଝୀ, ବିଲ୍ଲଧର ମାଝୀ, ପିଃ ଲଳ୍ୟ ମାଝୀ, ଜାଃ ଗଣ୍ଡ, ବାଃ କେଲେଡ଼ୀ		୧.୦୫
ଜିଲ୍ଲା- ନୂଆପଡ଼ା, ଥାନା/ତହସିଲ- କୋମନା, ମୌଜା- ଠେଙ୍ଗୋ						
କ୍ର.ନଂ.	ଖାତା ନଂ.	ପ୍ଲଟ୍ ନଂ.	କିସମ	ପ୍ରଜାଙ୍କ ନାମ, ବାସସ୍ଥାନ, ଠିକଣା	ପ୍ଲଟ୍‌ର ମୋଟ ରକବା (ଏକରରେ)	ପ୍ରକଳ୍ପ ପାଇଁ ଆବଶ୍ୟକୀୟ ରକବା (ଏକରରେ)
୧	୨	୩	୪	୫	୬	୭
୧	୨୮୫/୧୧୧	୫୦/୧୫୯୫	ଆଟ	ଲିଗ୍ୟାରାମ ଦିଗ, ପିଃ ଭିକ୍ଷୁନ ଅହିର, ଦୁରାରି ଅହିର, ସ୍ୱାଃ ଲିଗ୍ୟାରାମ ଅହିର, ଜାଃ ଗଉଡ଼, ବାଃ ନିଜଗାଁ	୦.୫୫୦	୦.୨୫୩
SEE NEXT
28
